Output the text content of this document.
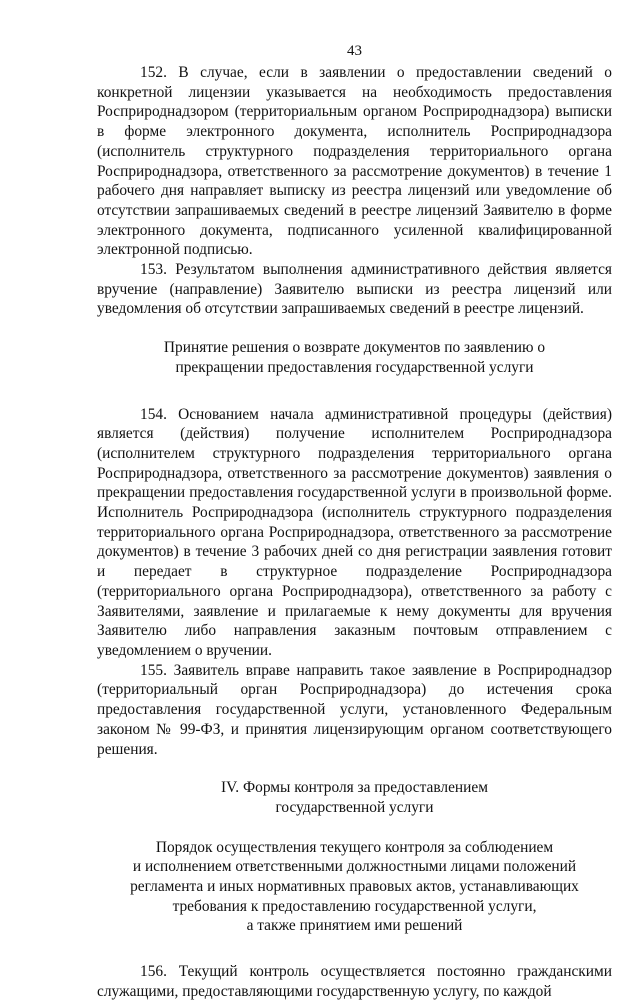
43

152. В случае, если в заявлении о предоставлении сведений о конкретной лицензии указывается на необходимость предоставления Росприроднадзором (территориальным органом Росприроднадзора) выписки в форме электронного документа, исполнитель Росприроднадзора (исполнитель структурного подразделения территориального органа Росприроднадзора, ответственного за рассмотрение документов) в течение 1 рабочего дня направляет выписку из реестра лицензий или уведомление об отсутствии запрашиваемых сведений в реестре лицензий Заявителю в форме электронного документа, подписанного усиленной квалифицированной электронной подписью.

153. Результатом выполнения административного действия является вручение (направление) Заявителю выписки из реестра лицензий или уведомления об отсутствии запрашиваемых сведений в реестре лицензий.

Принятие решения о возврате документов по заявлению о
прекращении предоставления государственной услуги

154. Основанием начала административной процедуры (действия) является (действия) получение исполнителем Росприроднадзора (исполнителем структурного подразделения территориального органа Росприроднадзора, ответственного за рассмотрение документов) заявления о прекращении предоставления государственной услуги в произвольной форме. Исполнитель Росприроднадзора (исполнитель структурного подразделения территориального органа Росприроднадзора, ответственного за рассмотрение документов) в течение 3 рабочих дней со дня регистрации заявления готовит и передает в структурное подразделение Росприроднадзора (территориального органа Росприроднадзора), ответственного за работу с Заявителями, заявление и прилагаемые к нему документы для вручения Заявителю либо направления заказным почтовым отправлением с уведомлением о вручении.

155. Заявитель вправе направить такое заявление в Росприроднадзор (территориальный орган Росприроднадзора) до истечения срока предоставления государственной услуги, установленного Федеральным законом № 99-ФЗ, и принятия лицензирующим органом соответствующего решения.

IV. Формы контроля за предоставлением
государственной услуги

Порядок осуществления текущего контроля за соблюдением
и исполнением ответственными должностными лицами положений
регламента и иных нормативных правовых актов, устанавливающих
требования к предоставлению государственной услуги,
а также принятием ими решений

156. Текущий контроль осуществляется постоянно гражданскими служащими, предоставляющими государственную услугу, по каждой
